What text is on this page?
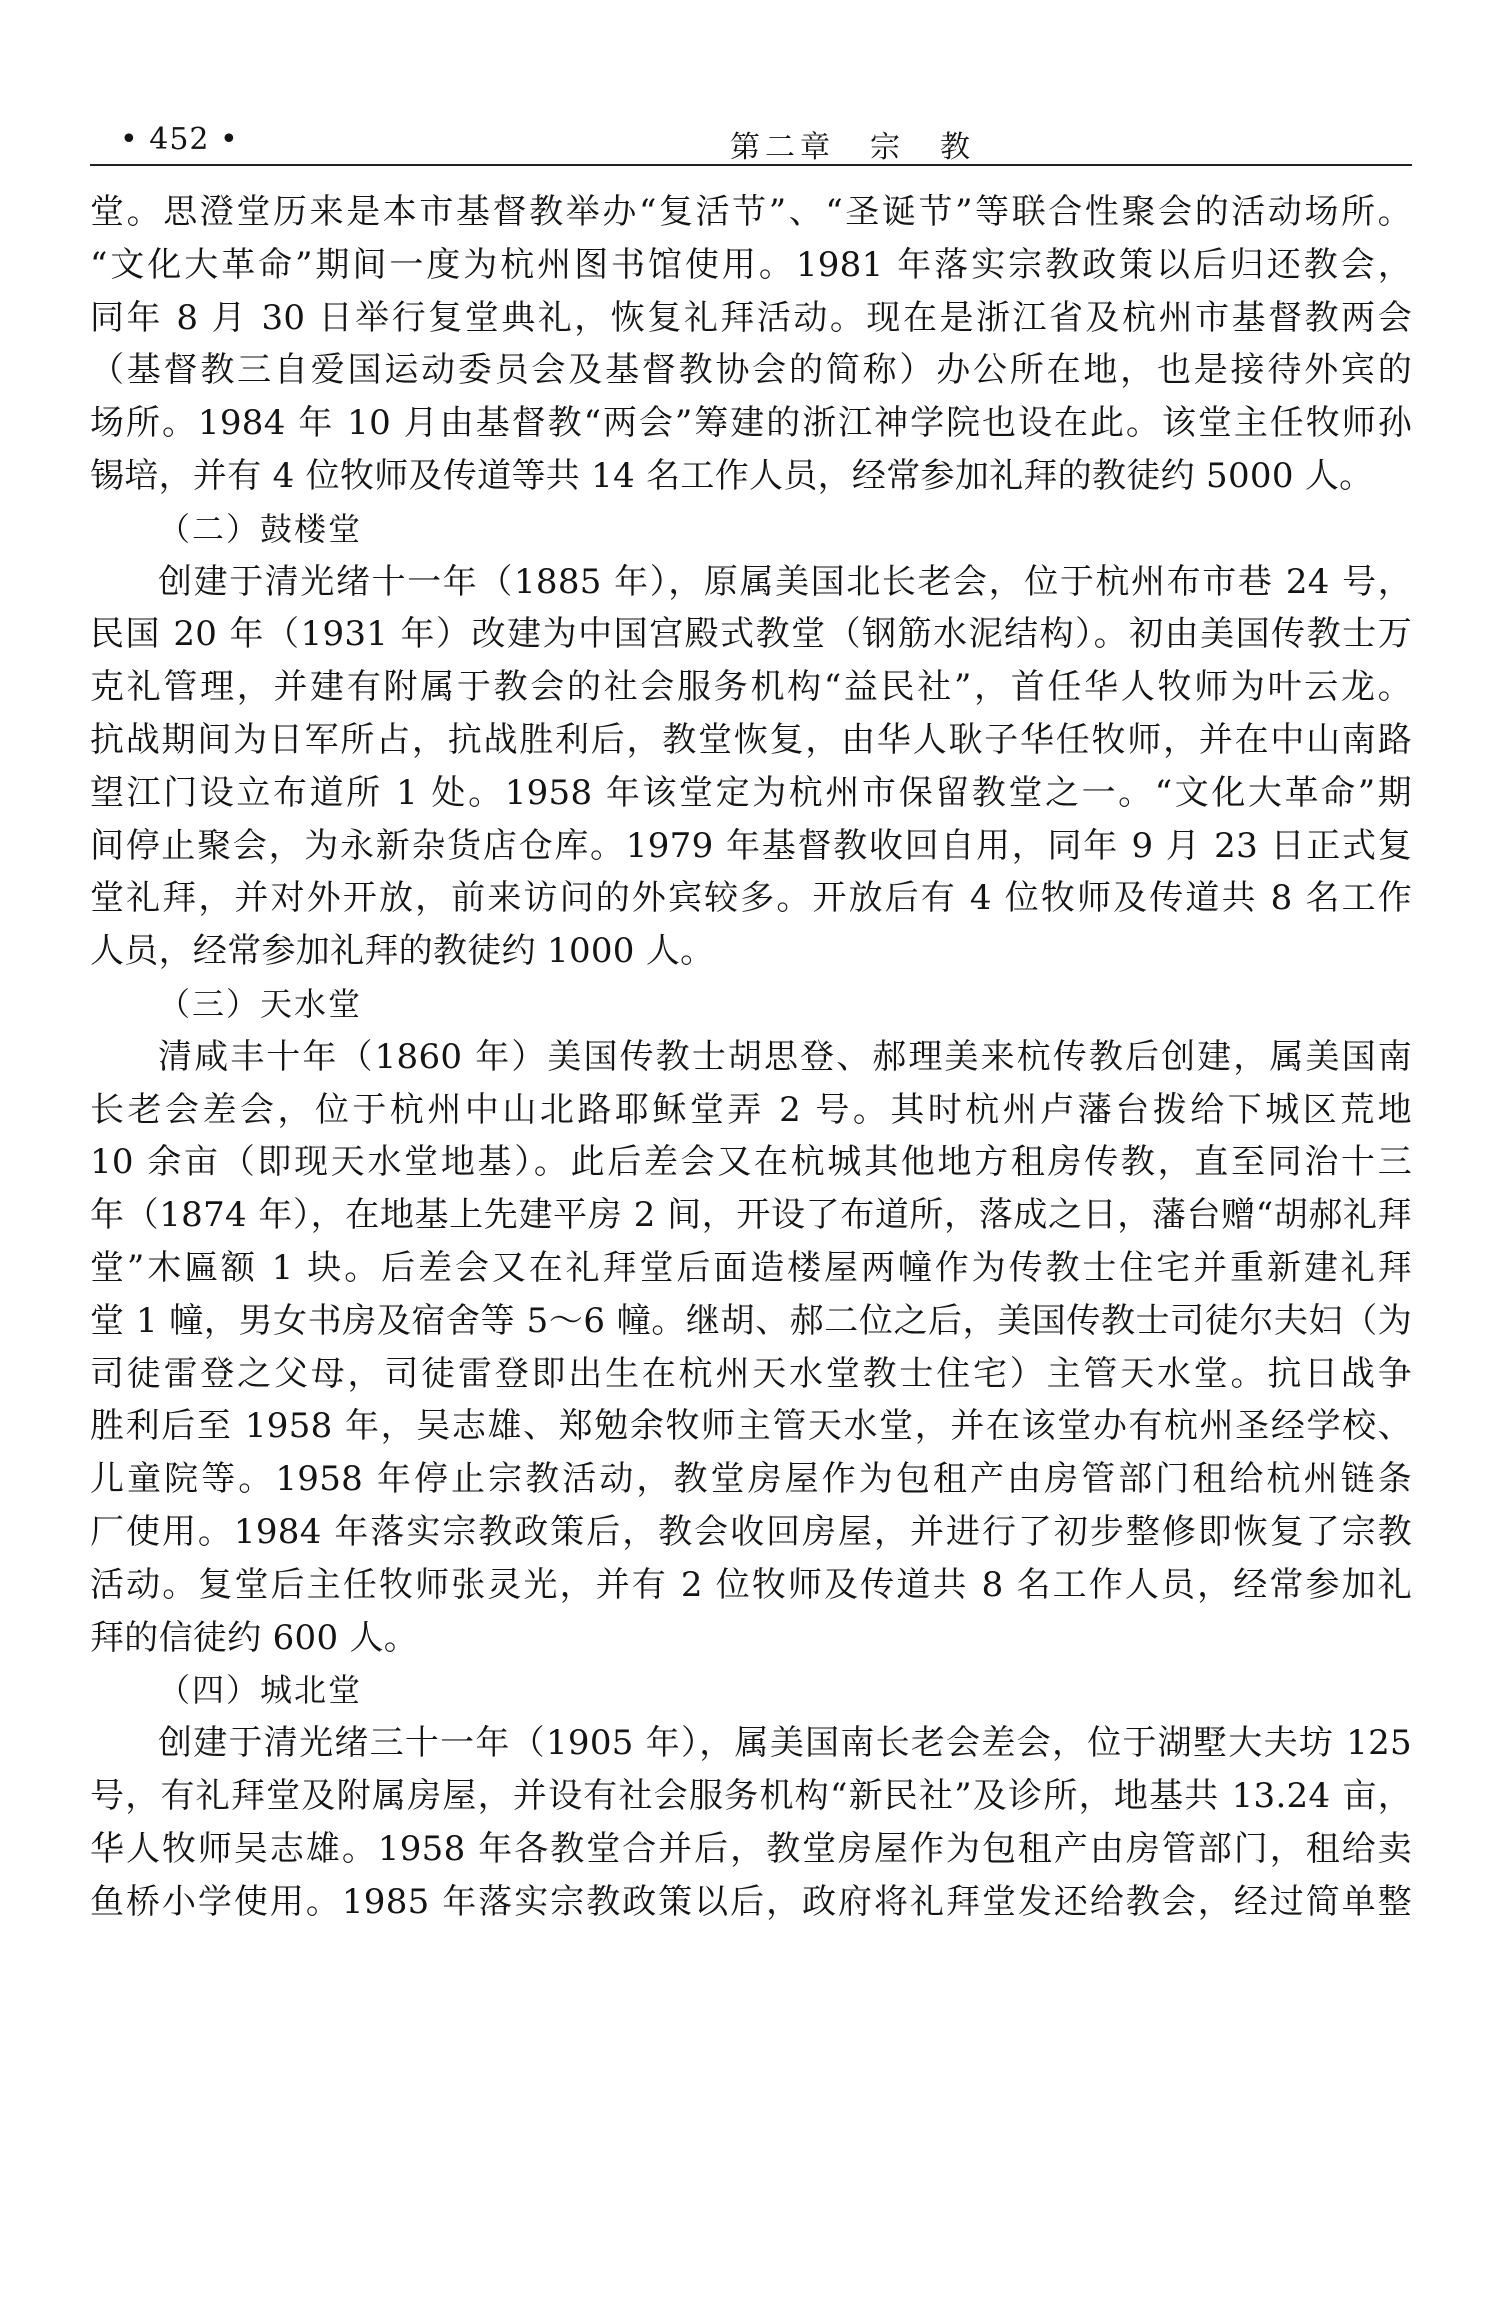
• 452 •	第二章　宗　教
堂。思澄堂历来是本市基督教举办“复活节”、“圣诞节”等联合性聚会的活动场所。
“文化大革命”期间一度为杭州图书馆使用。1981 年落实宗教政策以后归还教会，
同年 8 月 30 日举行复堂典礼，恢复礼拜活动。现在是浙江省及杭州市基督教两会
（基督教三自爱国运动委员会及基督教协会的简称）办公所在地，也是接待外宾的
场所。1984 年 10 月由基督教“两会”筹建的浙江神学院也设在此。该堂主任牧师孙
锡培，并有 4 位牧师及传道等共 14 名工作人员，经常参加礼拜的教徒约 5000 人。
（二）鼓楼堂
创建于清光绪十一年（1885 年），原属美国北长老会，位于杭州布市巷 24 号，
民国 20 年（1931 年）改建为中国宫殿式教堂（钢筋水泥结构）。初由美国传教士万
克礼管理，并建有附属于教会的社会服务机构“益民社”，首任华人牧师为叶云龙。
抗战期间为日军所占，抗战胜利后，教堂恢复，由华人耿子华任牧师，并在中山南路
望江门设立布道所 1 处。1958 年该堂定为杭州市保留教堂之一。“文化大革命”期
间停止聚会，为永新杂货店仓库。1979 年基督教收回自用，同年 9 月 23 日正式复
堂礼拜，并对外开放，前来访问的外宾较多。开放后有 4 位牧师及传道共 8 名工作
人员，经常参加礼拜的教徒约 1000 人。
（三）天水堂
清咸丰十年（1860 年）美国传教士胡思登、郝理美来杭传教后创建，属美国南
长老会差会，位于杭州中山北路耶稣堂弄 2 号。其时杭州卢藩台拨给下城区荒地
10 余亩（即现天水堂地基）。此后差会又在杭城其他地方租房传教，直至同治十三
年（1874 年），在地基上先建平房 2 间，开设了布道所，落成之日，藩台赠“胡郝礼拜
堂”木匾额 1 块。后差会又在礼拜堂后面造楼屋两幢作为传教士住宅并重新建礼拜
堂 1 幢，男女书房及宿舍等 5～6 幢。继胡、郝二位之后，美国传教士司徒尔夫妇（为
司徒雷登之父母，司徒雷登即出生在杭州天水堂教士住宅）主管天水堂。抗日战争
胜利后至 1958 年，吴志雄、郑勉余牧师主管天水堂，并在该堂办有杭州圣经学校、
儿童院等。1958 年停止宗教活动，教堂房屋作为包租产由房管部门租给杭州链条
厂使用。1984 年落实宗教政策后，教会收回房屋，并进行了初步整修即恢复了宗教
活动。复堂后主任牧师张灵光，并有 2 位牧师及传道共 8 名工作人员，经常参加礼
拜的信徒约 600 人。
（四）城北堂
创建于清光绪三十一年（1905 年），属美国南长老会差会，位于湖墅大夫坊 125
号，有礼拜堂及附属房屋，并设有社会服务机构“新民社”及诊所，地基共 13.24 亩，
华人牧师吴志雄。1958 年各教堂合并后，教堂房屋作为包租产由房管部门，租给卖
鱼桥小学使用。1985 年落实宗教政策以后，政府将礼拜堂发还给教会，经过简单整
